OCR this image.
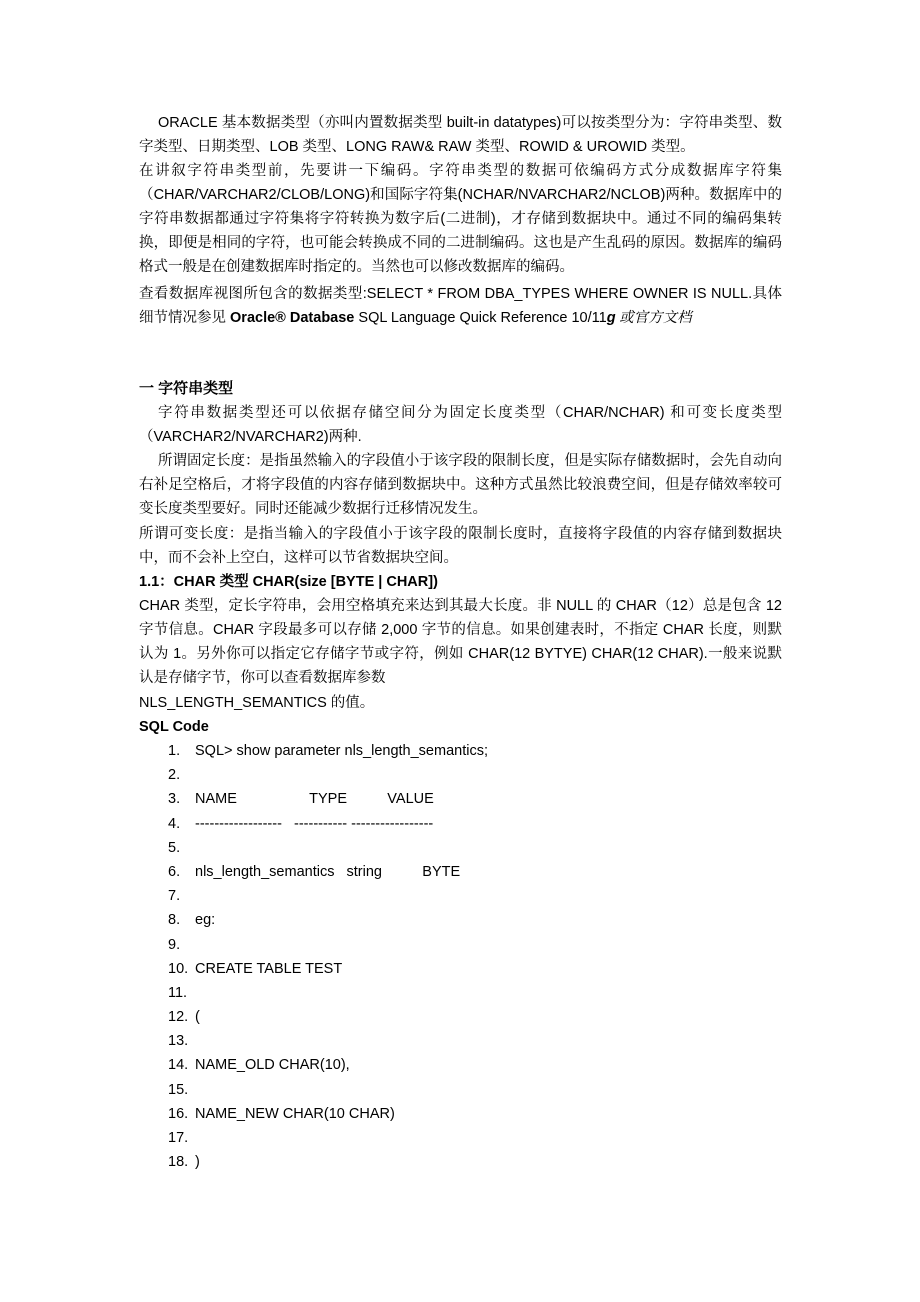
ORACLE 基本数据类型（亦叫内置数据类型 built-in datatypes)可以按类型分为：字符串类型、数字类型、日期类型、LOB 类型、LONG RAW& RAW 类型、ROWID & UROWID 类型。

在讲叙字符串类型前，先要讲一下编码。字符串类型的数据可依编码方式分成数据库字符集（CHAR/VARCHAR2/CLOB/LONG)和国际字符集(NCHAR/NVARCHAR2/NCLOB)两种。数据库中的字符串数据都通过字符集将字符转换为数字后(二进制)，才存储到数据块中。通过不同的编码集转换，即便是相同的字符，也可能会转换成不同的二进制编码。这也是产生乱码的原因。数据库的编码格式一般是在创建数据库时指定的。当然也可以修改数据库的编码。

查看数据库视图所包含的数据类型:SELECT * FROM DBA_TYPES WHERE OWNER IS NULL.具体细节情况参见 Oracle® Database SQL Language Quick Reference 10/11g 或官方文档

一 字符串类型

字符串数据类型还可以依据存储空间分为固定长度类型（CHAR/NCHAR) 和可变长度类型（VARCHAR2/NVARCHAR2)两种.

所谓固定长度：是指虽然输入的字段值小于该字段的限制长度，但是实际存储数据时，会先自动向右补足空格后，才将字段值的内容存储到数据块中。这种方式虽然比较浪费空间，但是存储效率较可变长度类型要好。同时还能减少数据行迁移情况发生。

所谓可变长度：是指当输入的字段值小于该字段的限制长度时，直接将字段值的内容存储到数据块中，而不会补上空白，这样可以节省数据块空间。

1.1：CHAR 类型 CHAR(size [BYTE | CHAR])

CHAR 类型，定长字符串，会用空格填充来达到其最大长度。非 NULL 的 CHAR（12）总是包含 12 字节信息。CHAR 字段最多可以存储 2,000 字节的信息。如果创建表时，不指定 CHAR 长度，则默认为 1。另外你可以指定它存储字节或字符，例如 CHAR(12 BYTYE) CHAR(12 CHAR).一般来说默认是存储字节，你可以查看数据库参数

NLS_LENGTH_SEMANTICS 的值。

SQL Code
1.	SQL> show parameter nls_length_semantics;
2.
3.	NAME                  TYPE          VALUE
4.	------------------   ----------- -----------------
5.
6.	nls_length_semantics   string          BYTE
7.
8.	eg:
9.
10. CREATE TABLE TEST
11.
12. (
13.
14. NAME_OLD CHAR(10),
15.
16. NAME_NEW CHAR(10 CHAR)
17.
18. )
